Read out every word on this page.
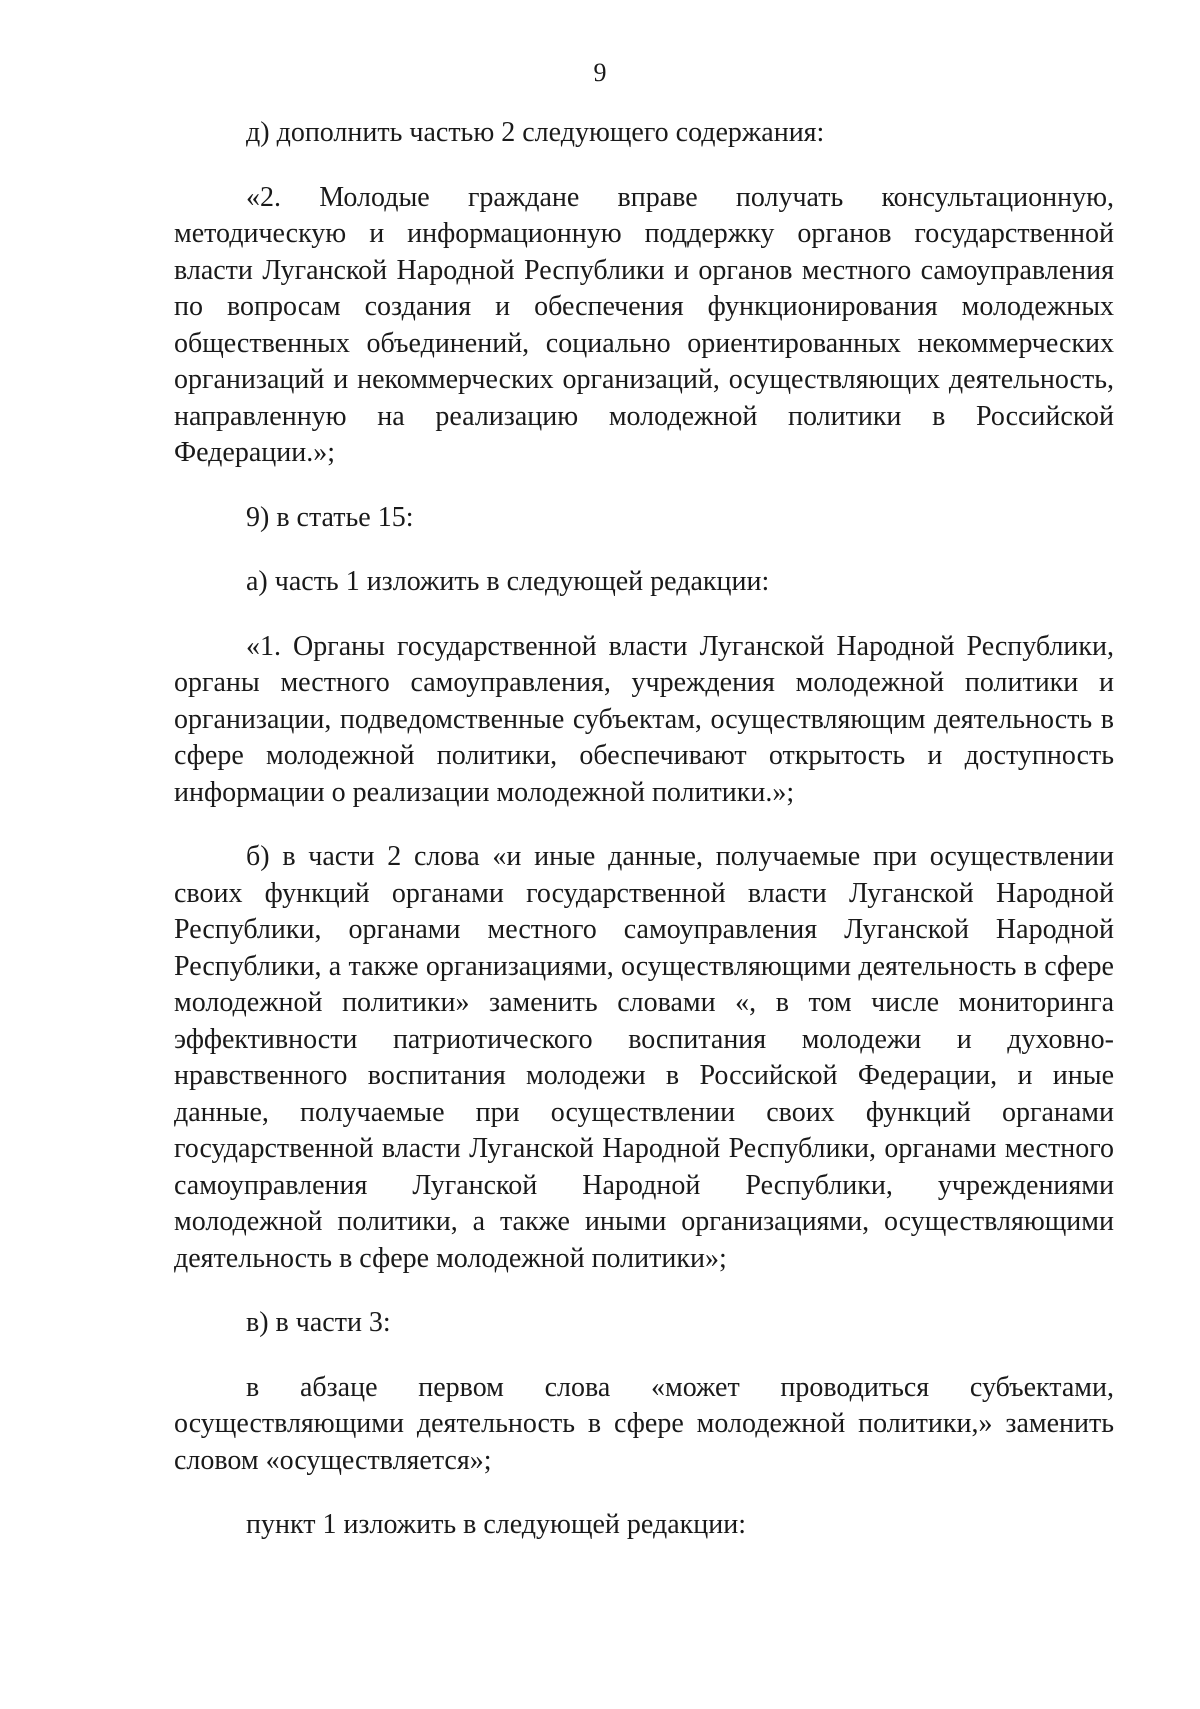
9

д) дополнить частью 2 следующего содержания:

«2. Молодые граждане вправе получать консультационную, методическую и информационную поддержку органов государственной власти Луганской Народной Республики и органов местного самоуправления по вопросам создания и обеспечения функционирования молодежных общественных объединений, социально ориентированных некоммерческих организаций и некоммерческих организаций, осуществляющих деятельность, направленную на реализацию молодежной политики в Российской Федерации.»;

9) в статье 15:

а) часть 1 изложить в следующей редакции:

«1. Органы государственной власти Луганской Народной Республики, органы местного самоуправления, учреждения молодежной политики и организации, подведомственные субъектам, осуществляющим деятельность в сфере молодежной политики, обеспечивают открытость и доступность информации о реализации молодежной политики.»;

б) в части 2 слова «и иные данные, получаемые при осуществлении своих функций органами государственной власти Луганской Народной Республики, органами местного самоуправления Луганской Народной Республики, а также организациями, осуществляющими деятельность в сфере молодежной политики» заменить словами «, в том числе мониторинга эффективности патриотического воспитания молодежи и духовно-нравственного воспитания молодежи в Российской Федерации, и иные данные, получаемые при осуществлении своих функций органами государственной власти Луганской Народной Республики, органами местного самоуправления Луганской Народной Республики, учреждениями молодежной политики, а также иными организациями, осуществляющими деятельность в сфере молодежной политики»;

в) в части 3:

в абзаце первом слова «может проводиться субъектами, осуществляющими деятельность в сфере молодежной политики,» заменить словом «осуществляется»;

пункт 1 изложить в следующей редакции:
